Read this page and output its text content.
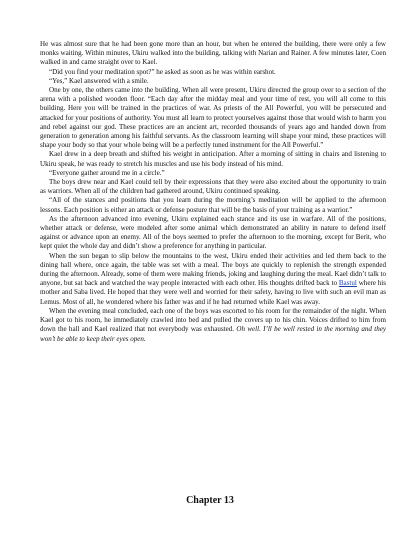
He was almost sure that he had been gone more than an hour, but when he entered the building, there were only a few monks waiting. Within minutes, Ukiru walked into the building, talking with Narian and Rainer. A few minutes later, Coen walked in and came straight over to Kael.

“Did you find your meditation spot?” he asked as soon as he was within earshot.

“Yes,” Kael answered with a smile.

One by one, the others came into the building. When all were present, Ukiru directed the group over to a section of the arena with a polished wooden floor. “Each day after the midday meal and your time of rest, you will all come to this building. Here you will be trained in the practices of war. As priests of the All Powerful, you will be persecuted and attacked for your positions of authority. You must all learn to protect yourselves against those that would wish to harm you and rebel against our god. These practices are an ancient art, recorded thousands of years ago and handed down from generation to generation among his faithful servants. As the classroom learning will shape your mind, these practices will shape your body so that your whole being will be a perfectly tuned instrument for the All Powerful.”

Kael drew in a deep breath and shifted his weight in anticipation. After a morning of sitting in chairs and listening to Ukiru speak, he was ready to stretch his muscles and use his body instead of his mind.

“Everyone gather around me in a circle.”

The boys drew near and Kael could tell by their expressions that they were also excited about the opportunity to train as warriors. When all of the children had gathered around, Ukiru continued speaking.

“All of the stances and positions that you learn during the morning’s meditation will be applied to the afternoon lessons. Each position is either an attack or defense posture that will be the basis of your training as a warrior.”

As the afternoon advanced into evening, Ukiru explained each stance and its use in warfare. All of the positions, whether attack or defense, were modeled after some animal which demonstrated an ability in nature to defend itself against or advance upon an enemy. All of the boys seemed to prefer the afternoon to the morning, except for Berit, who kept quiet the whole day and didn’t show a preference for anything in particular.

When the sun began to slip below the mountains to the west, Ukiru ended their activities and led them back to the dining hall where, once again, the table was set with a meal. The boys ate quickly to replenish the strength expended during the afternoon. Already, some of them were making friends, joking and laughing during the meal. Kael didn’t talk to anyone, but sat back and watched the way people interacted with each other. His thoughts drifted back to Bastul where his mother and Saba lived. He hoped that they were well and worried for their safety, having to live with such an evil man as Lemus. Most of all, he wondered where his father was and if he had returned while Kael was away.

When the evening meal concluded, each one of the boys was escorted to his room for the remainder of the night. When Kael got to his room, he immediately crawled into bed and pulled the covers up to his chin. Voices drifted to him from down the hall and Kael realized that not everybody was exhausted. Oh well. I’ll be well rested in the morning and they won’t be able to keep their eyes open.

Chapter 13
